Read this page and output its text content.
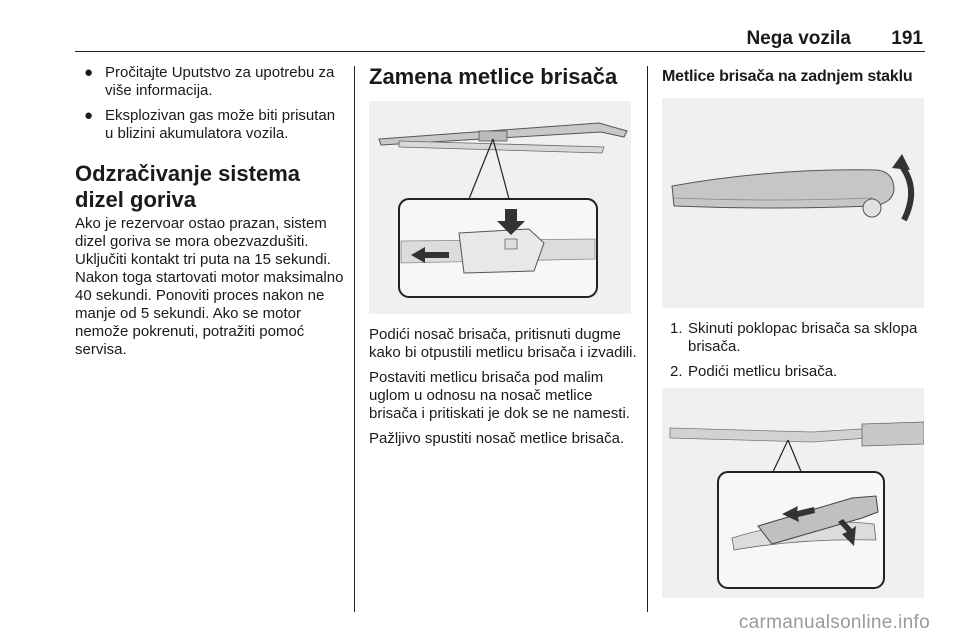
Nega vozila 191
● Pročitajte Uputstvo za upotrebu za više informacija.
● Eksplozivan gas može biti prisutan u blizini akumulatora vozila.
Odzračivanje sistema dizel goriva

Ako je rezervoar ostao prazan, sistem dizel goriva se mora obezvazdušiti. Uključiti kontakt tri puta na 15 sekundi. Nakon toga startovati motor maksimalno 40 sekundi. Ponoviti proces nakon ne manje od 5 sekundi. Ako se motor nemože pokrenuti, potražiti pomoć servisa.

Zamena metlice brisača

Podići nosač brisača, pritisnuti dugme kako bi otpustili metlicu brisača i izvadili.

Postaviti metlicu brisača pod malim uglom u odnosu na nosač metlice brisača i pritiskati je dok se ne namesti.

Pažljivo spustiti nosač metlice brisača.

Metlice brisača na zadnjem staklu
1. Skinuti poklopac brisača sa sklopa brisača.
2. Podići metlicu brisača.
carmanualsonline.info
